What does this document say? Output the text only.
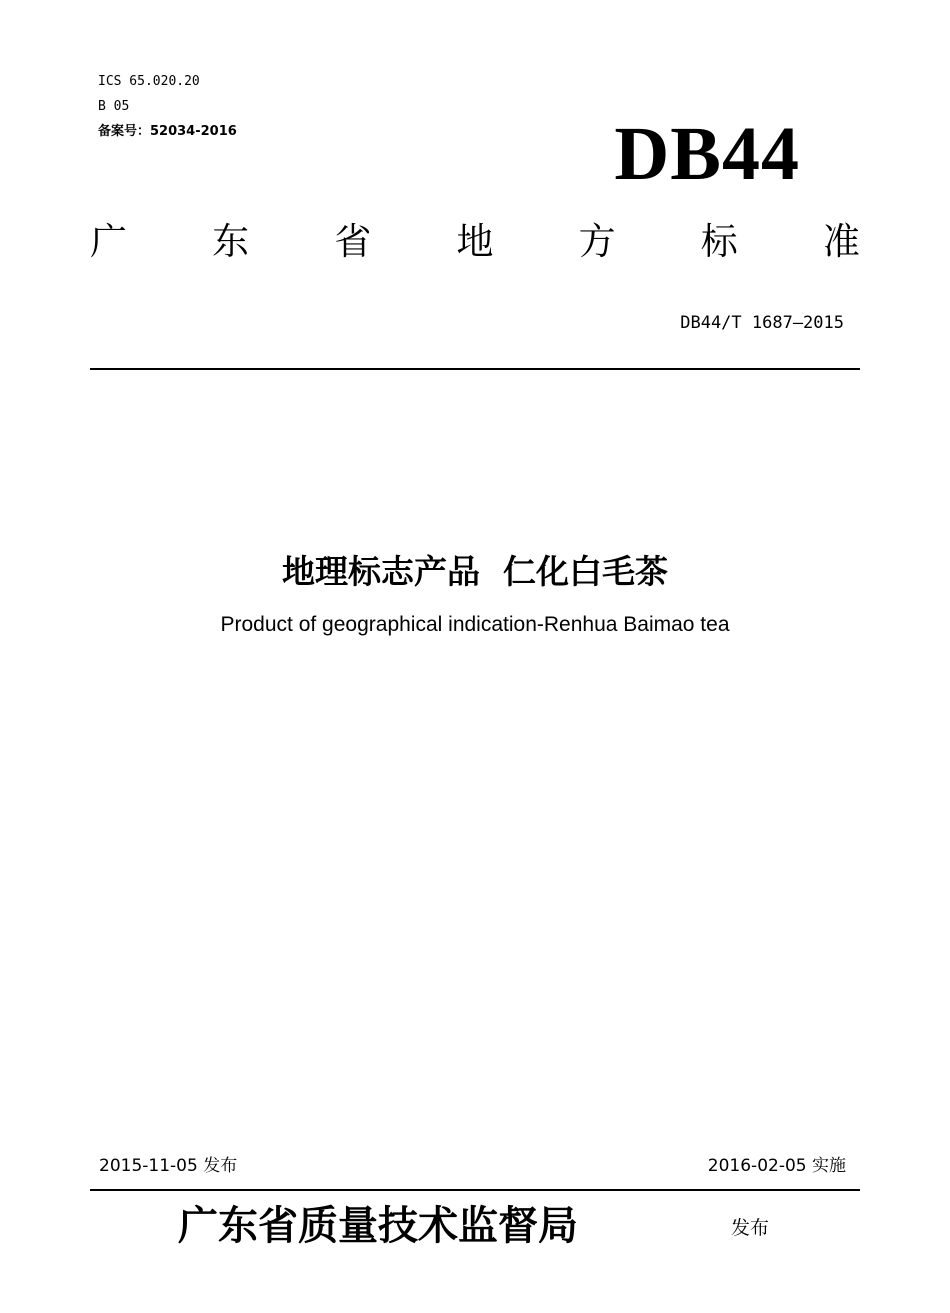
ICS 65.020.20
B 05
备案号：52034-2016	DB44
广 东 省 地 方 标 准
DB44/T 1687—2015
地理标志产品  仁化白毛茶
Product of geographical indication-Renhua Baimao tea
2015-11-05 发布	2016-02-05 实施
广东省质量技术监督局	发布
